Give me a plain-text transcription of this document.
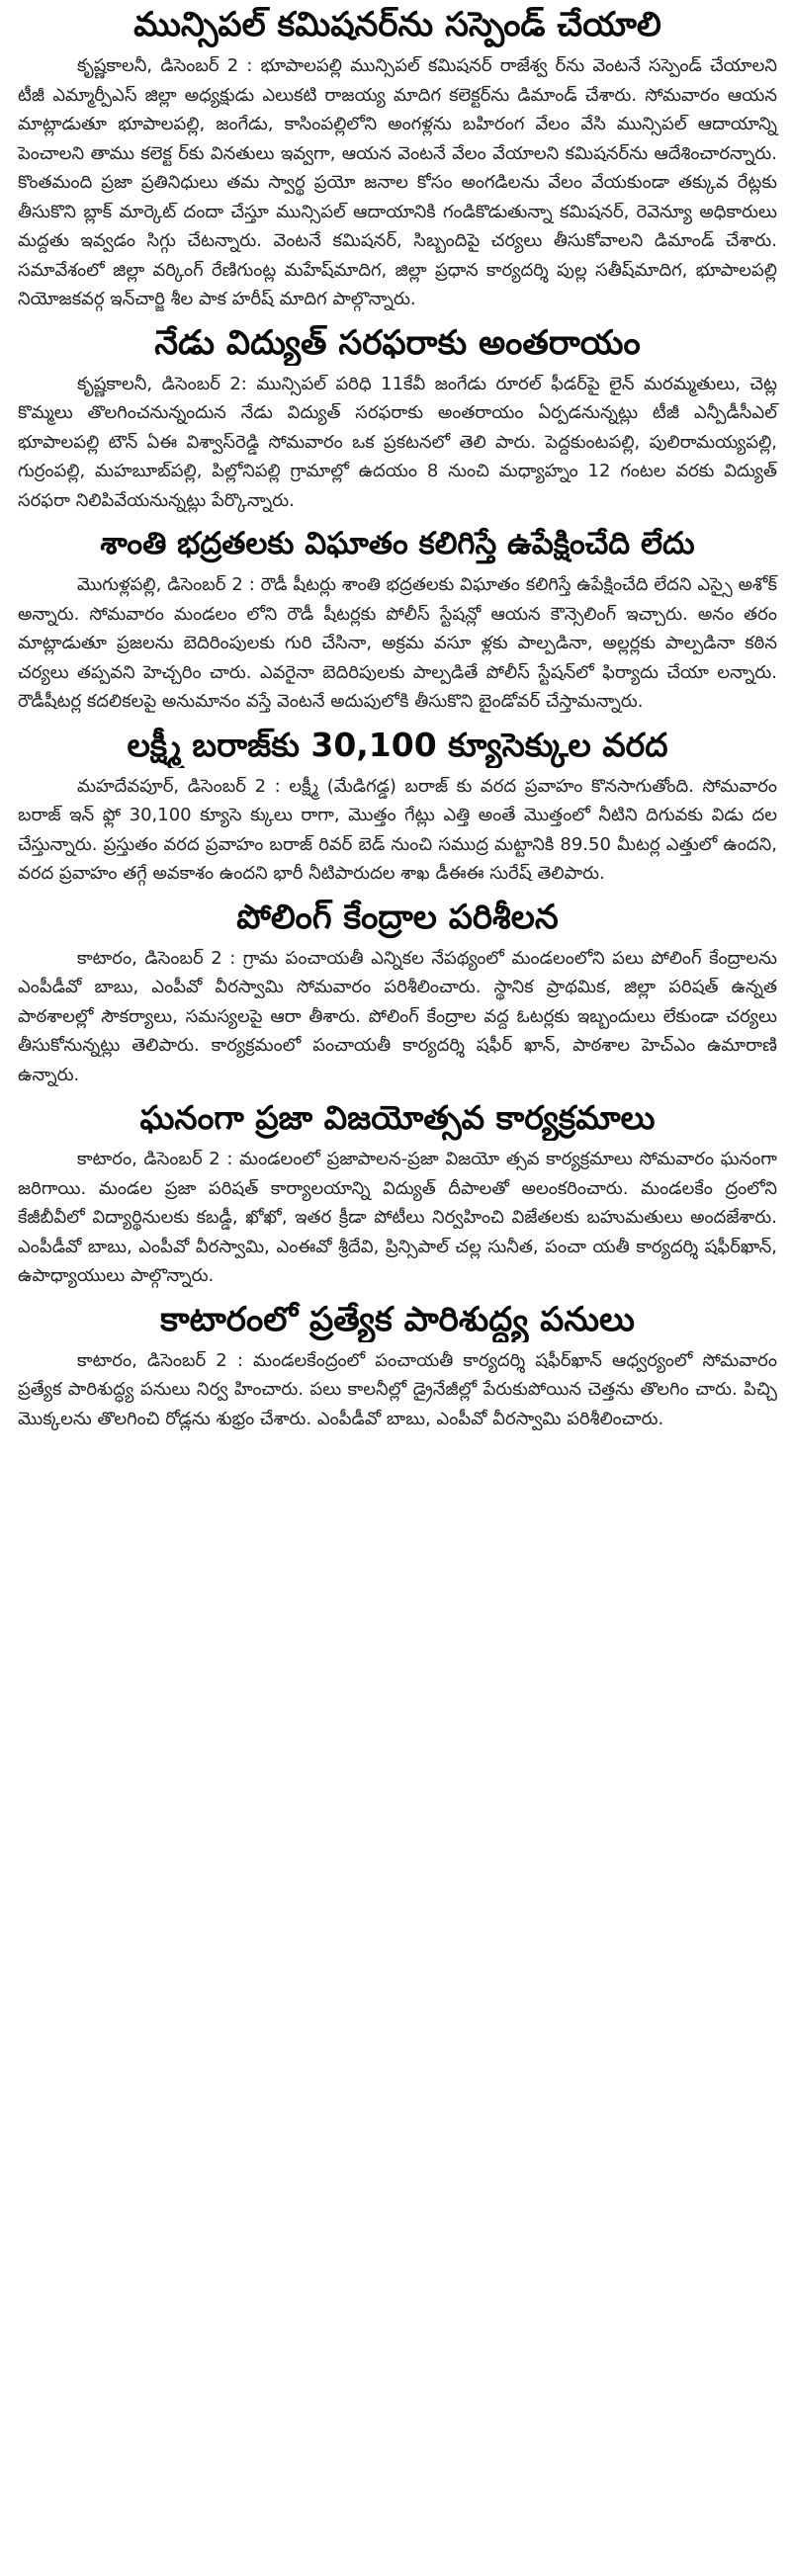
మున్సిపల్ కమిషనర్‌ను సస్పెండ్ చేయాలి

కృష్ణకాలనీ, డిసెంబర్ 2 : భూపాలపల్లి మున్సిపల్ కమిషనర్ రాజేశ్వ ర్‌ను వెంటనే సస్పెండ్ చేయాలని టీజీ ఎమ్మార్పీఎస్ జిల్లా అధ్యక్షుడు ఎలుకటి రాజయ్య మాదిగ కలెక్టర్‌ను డిమాండ్ చేశారు. సోమవారం ఆయన మాట్లాడుతూ భూపాలపల్లి, జంగేడు, కాసింపల్లిలోని అంగళ్లను బహిరంగ వేలం వేసి మున్సిపల్ ఆదాయాన్ని పెంచాలని తాము కలెక్ట ర్‌కు వినతులు ఇవ్వగా, ఆయన వెంటనే వేలం వేయాలని కమిషనర్‌ను ఆదేశించారన్నారు. కొంతమంది ప్రజా ప్రతినిధులు తమ స్వార్థ ప్రయో జనాల కోసం అంగడిలను వేలం వేయకుండా తక్కువ రేట్లకు తీసుకొని బ్లాక్ మార్కెట్ దందా చేస్తూ మున్సిపల్ ఆదాయానికి గండికొడుతున్నా కమిషనర్, రెవెన్యూ అధికారులు మద్దతు ఇవ్వడం సిగ్గు చేటన్నారు. వెంటనే కమిషనర్, సిబ్బందిపై చర్యలు తీసుకోవాలని డిమాండ్ చేశారు. సమావేశంలో జిల్లా వర్కింగ్ రేణిగుంట్ల మహేష్‌మాదిగ, జిల్లా ప్రధాన కార్యదర్శి పుల్ల సతీష్‌మాదిగ, భూపాలపల్లి నియోజకవర్గ ఇన్‌చార్జి శీల పాక హరీష్ మాదిగ పాల్గొన్నారు.

నేడు విద్యుత్ సరఫరాకు అంతరాయం

కృష్ణకాలనీ, డిసెంబర్ 2: మున్సిపల్ పరిధి 11కేవీ జంగేడు రూరల్ ఫీడర్‌పై లైన్ మరమ్మతులు, చెట్ల కొమ్మలు తొలగించనున్నందున నేడు విద్యుత్ సరఫరాకు అంతరాయం ఏర్పడనున్నట్లు టీజీ ఎన్పీడీసీఎల్ భూపాలపల్లి టౌన్ ఏఈ విశ్వాస్‌రెడ్డి సోమవారం ఒక ప్రకటనలో తెలి పారు. పెద్దకుంటపల్లి, పులిరామయ్యపల్లి, గుర్రంపల్లి, మహబూబ్‌పల్లి, పిల్లోనిపల్లి గ్రామాల్లో ఉదయం 8 నుంచి మధ్యాహ్నం 12 గంటల వరకు విద్యుత్ సరఫరా నిలిపివేయనున్నట్లు పేర్కొన్నారు.

శాంతి భద్రతలకు విఘాతం కలిగిస్తే ఉపేక్షించేది లేదు

మొగుళ్లపల్లి, డిసెంబర్ 2 : రౌడీ షీటర్లు శాంతి భద్రతలకు విఘాతం కలిగిస్తే ఉపేక్షించేది లేదని ఎస్సై అశోక్ అన్నారు. సోమవారం మండలం లోని రౌడీ షీటర్లకు పోలీస్ స్టేషన్లో ఆయన కౌన్సెలింగ్ ఇచ్చారు. అనం తరం మాట్లాడుతూ ప్రజలను బెదిరింపులకు గురి చేసినా, అక్రమ వసూ ళ్లకు పాల్పడినా, అల్లర్లకు పాల్పడినా కఠిన చర్యలు తప్పవని హెచ్చరిం చారు. ఎవరైనా బెదిరిపులకు పాల్పడితే పోలీస్ స్టేషన్‌లో ఫిర్యాదు చేయా లన్నారు. రౌడీషీటర్ల కదలికలపై అనుమానం వస్తే వెంటనే అదుపులోకి తీసుకొని బైండోవర్ చేస్తామన్నారు.

లక్ష్మీ బరాజ్‌కు 30,100 క్యూసెక్కుల వరద

మహదేవపూర్, డిసెంబర్ 2 : లక్ష్మీ (మేడిగడ్డ) బరాజ్ కు వరద ప్రవాహం కొనసాగుతోంది. సోమవారం బరాజ్ ఇన్ ఫ్లో 30,100 క్యూసె క్కులు రాగా, మొత్తం గేట్లు ఎత్తి అంతే మొత్తంలో నీటిని దిగువకు విడు దల చేస్తున్నారు. ప్రస్తుతం వరద ప్రవాహం బరాజ్ రివర్ బెడ్ నుంచి సముద్ర మట్టానికి 89.50 మీటర్ల ఎత్తులో ఉందని, వరద ప్రవాహం తగ్గే అవకాశం ఉందని భారీ నీటిపారుదల శాఖ డీఈఈ సురేష్ తెలిపారు.

పోలింగ్ కేంద్రాల పరిశీలన

కాటారం, డిసెంబర్ 2 : గ్రామ పంచాయతీ ఎన్నికల నేపథ్యంలో మండలంలోని పలు పోలింగ్ కేంద్రాలను ఎంపీడీవో బాబు, ఎంపీవో వీరస్వామి సోమవారం పరిశీలించారు. స్థానిక ప్రాథమిక, జిల్లా పరిషత్ ఉన్నత పాఠశాలల్లో సౌకర్యాలు, సమస్యలపై ఆరా తీశారు. పోలింగ్ కేంద్రాల వద్ద ఓటర్లకు ఇబ్బందులు లేకుండా చర్యలు తీసుకోనున్నట్లు తెలిపారు. కార్యక్రమంలో పంచాయతీ కార్యదర్శి షఫీర్ ఖాన్, పాఠశాల హెచ్ఎం ఉమారాణి ఉన్నారు.

ఘనంగా ప్రజా విజయోత్సవ కార్యక్రమాలు

కాటారం, డిసెంబర్ 2 : మండలంలో ప్రజాపాలన-ప్రజా విజయో త్సవ కార్యక్రమాలు సోమవారం ఘనంగా జరిగాయి. మండల ప్రజా పరిషత్ కార్యాలయాన్ని విద్యుత్ దీపాలతో అలంకరించారు. మండలకేం ద్రంలోని కేజీబీవీలో విద్యార్థినులకు కబడ్డీ, ఖోఖో, ఇతర క్రీడా పోటీలు నిర్వహించి విజేతలకు బహుమతులు అందజేశారు. ఎంపీడీవో బాబు, ఎంపీవో వీరస్వామి, ఎంఈవో శ్రీదేవి, ప్రిన్సిపాల్ చల్ల సునీత, పంచా యతీ కార్యదర్శి షఫీర్‌ఖాన్, ఉపాధ్యాయులు పాల్గొన్నారు.

కాటారంలో ప్రత్యేక పారిశుద్ధ్య పనులు

కాటారం, డిసెంబర్ 2 : మండలకేంద్రంలో పంచాయతీ కార్యదర్శి షఫీర్‌ఖాన్ ఆధ్వర్యంలో సోమవారం ప్రత్యేక పారిశుద్ధ్య పనులు నిర్వ హించారు. పలు కాలనీల్లో డ్రైనేజీల్లో పేరుకుపోయిన చెత్తను తొలగిం చారు. పిచ్చి మొక్కలను తొలగించి రోడ్లను శుభ్రం చేశారు. ఎంపీడీవో బాబు, ఎంపీవో వీరస్వామి పరిశీలించారు.
